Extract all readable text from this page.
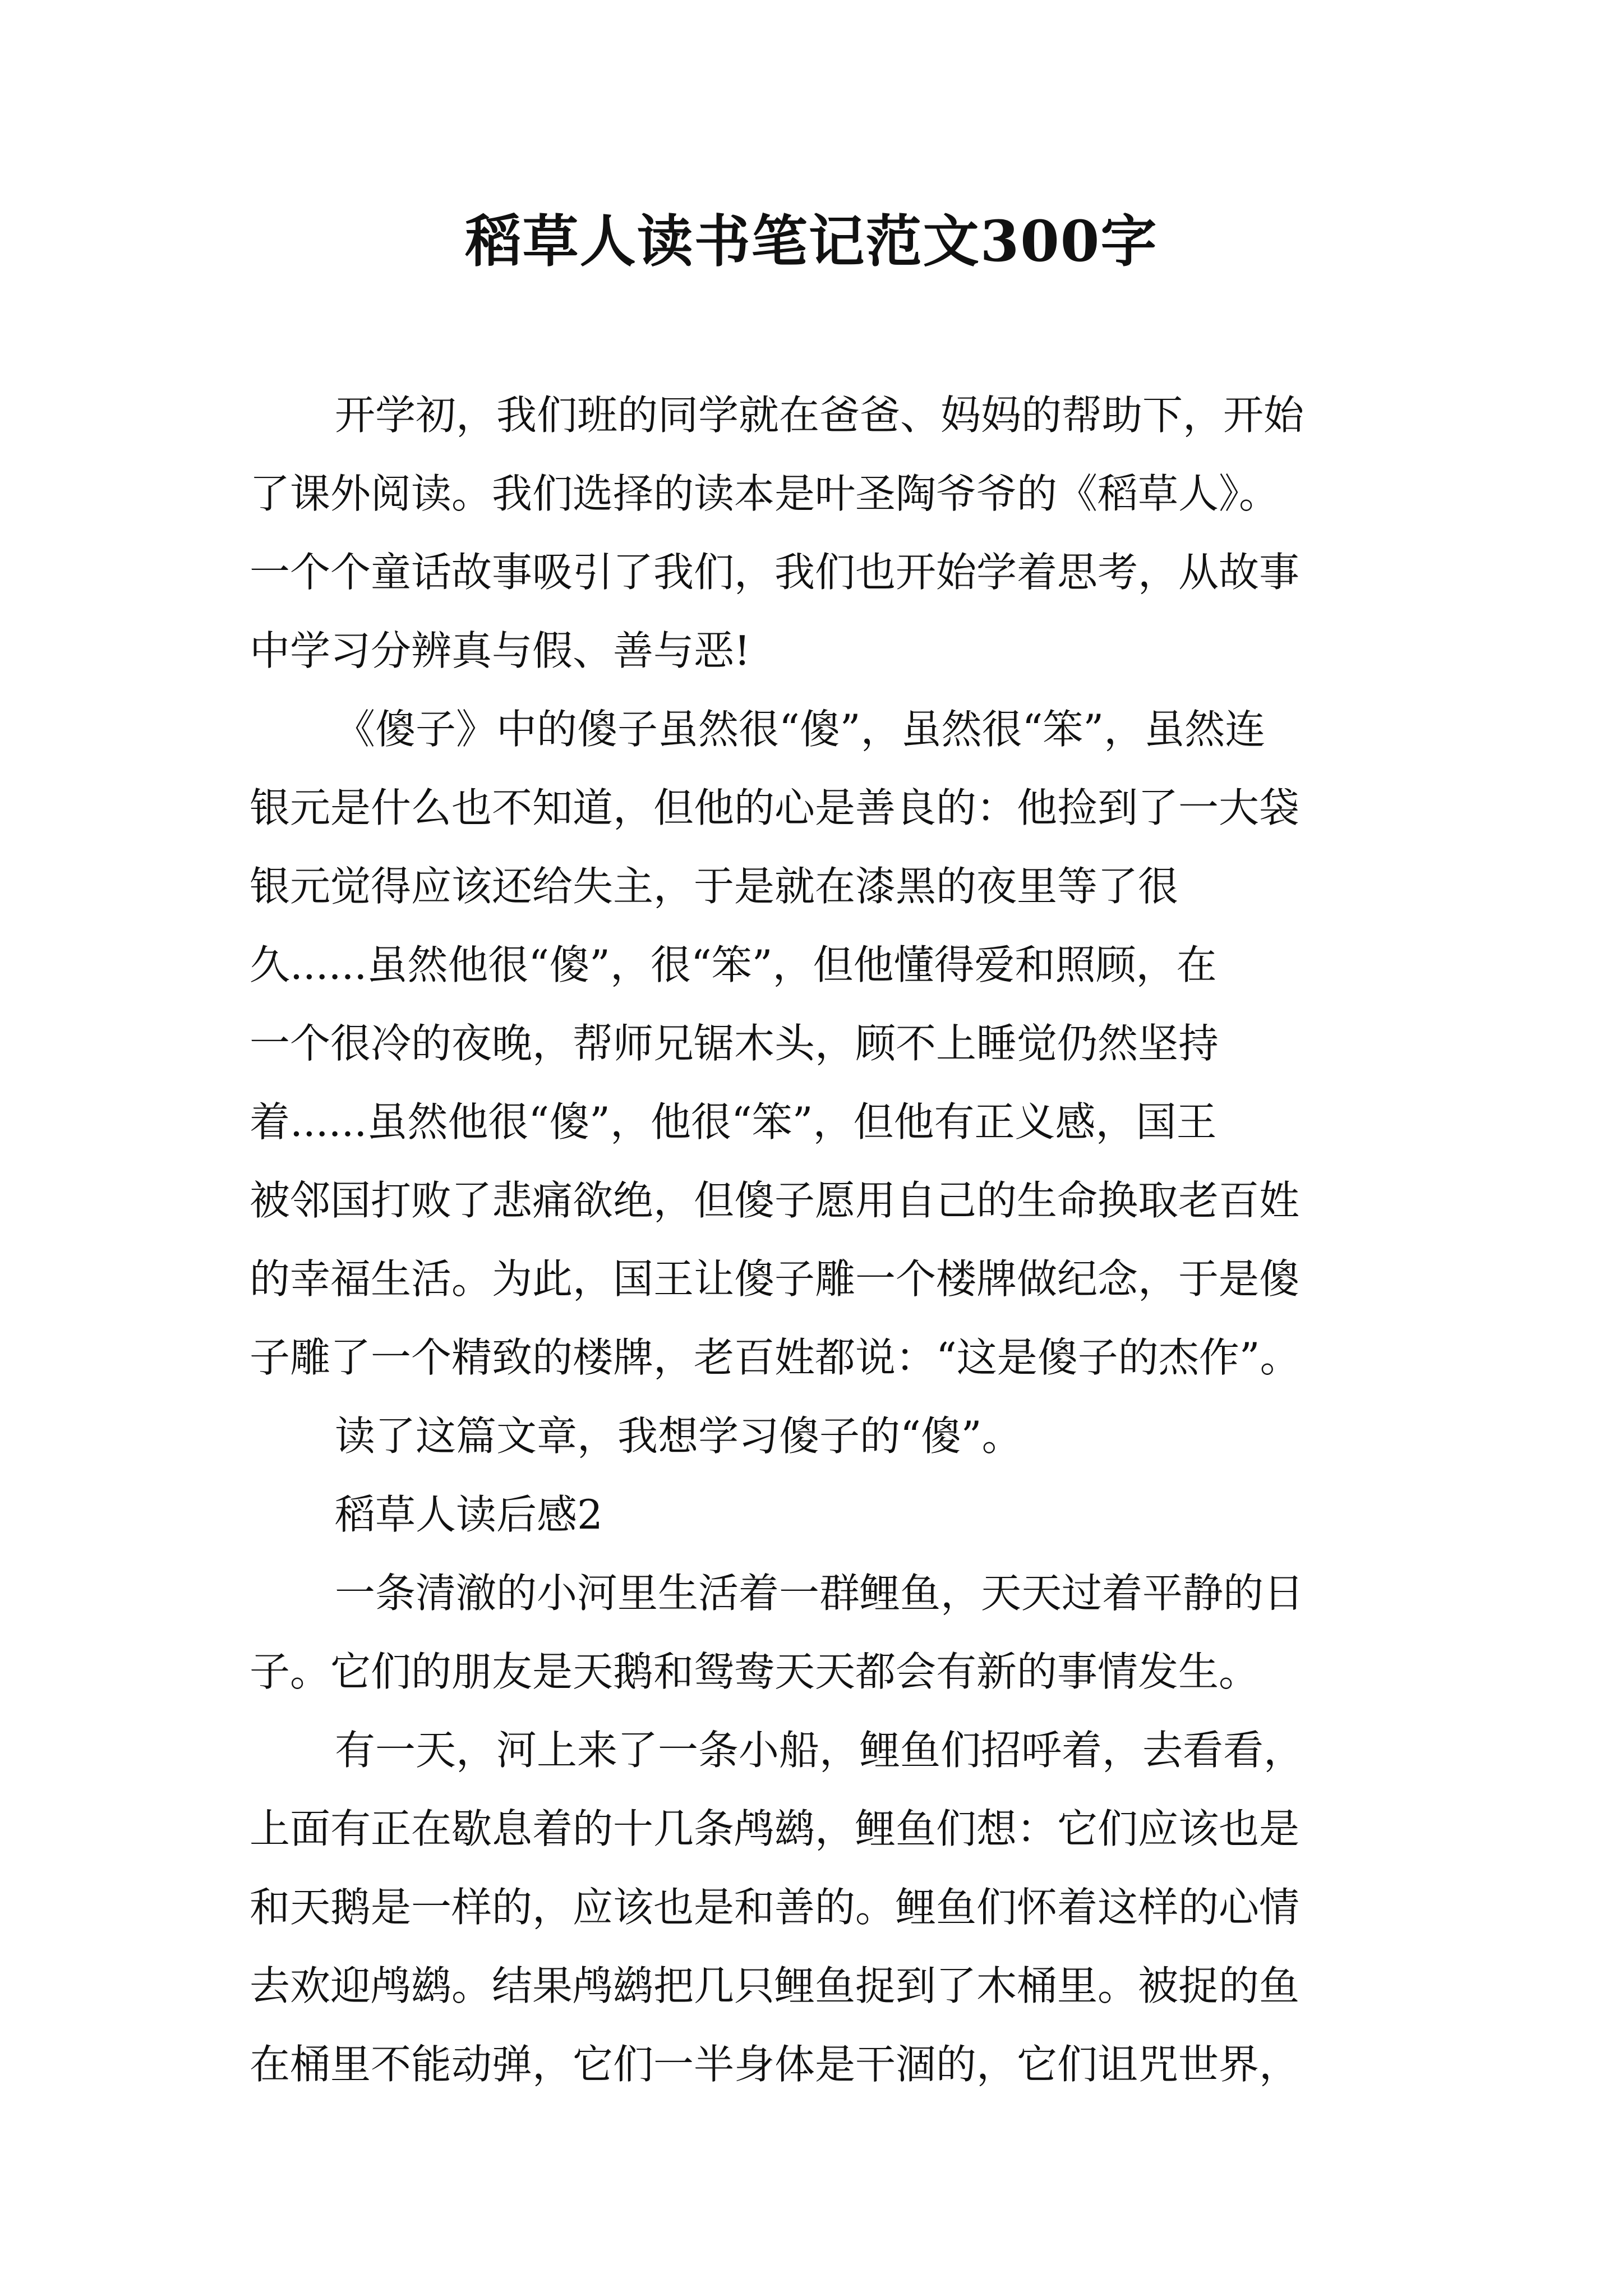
稻草人读书笔记范文300字
开学初，我们班的同学就在爸爸、妈妈的帮助下，开始
了课外阅读。我们选择的读本是叶圣陶爷爷的《稻草人》。
一个个童话故事吸引了我们，我们也开始学着思考，从故事
中学习分辨真与假、善与恶!
《傻子》中的傻子虽然很“傻”，虽然很“笨”，虽然连
银元是什么也不知道，但他的心是善良的：他捡到了一大袋
银元觉得应该还给失主，于是就在漆黑的夜里等了很
久......虽然他很“傻”，很“笨”，但他懂得爱和照顾，在
一个很冷的夜晚，帮师兄锯木头，顾不上睡觉仍然坚持
着......虽然他很“傻”，他很“笨”，但他有正义感，国王
被邻国打败了悲痛欲绝，但傻子愿用自己的生命换取老百姓
的幸福生活。为此，国王让傻子雕一个楼牌做纪念，于是傻
子雕了一个精致的楼牌，老百姓都说：“这是傻子的杰作”。
读了这篇文章，我想学习傻子的“傻”。
稻草人读后感2
一条清澈的小河里生活着一群鲤鱼，天天过着平静的日
子。它们的朋友是天鹅和鸳鸯天天都会有新的事情发生。
有一天，河上来了一条小船，鲤鱼们招呼着，去看看，
上面有正在歇息着的十几条鸬鹚，鲤鱼们想：它们应该也是
和天鹅是一样的，应该也是和善的。鲤鱼们怀着这样的心情
去欢迎鸬鹚。结果鸬鹚把几只鲤鱼捉到了木桶里。被捉的鱼
在桶里不能动弹，它们一半身体是干涸的，它们诅咒世界，
